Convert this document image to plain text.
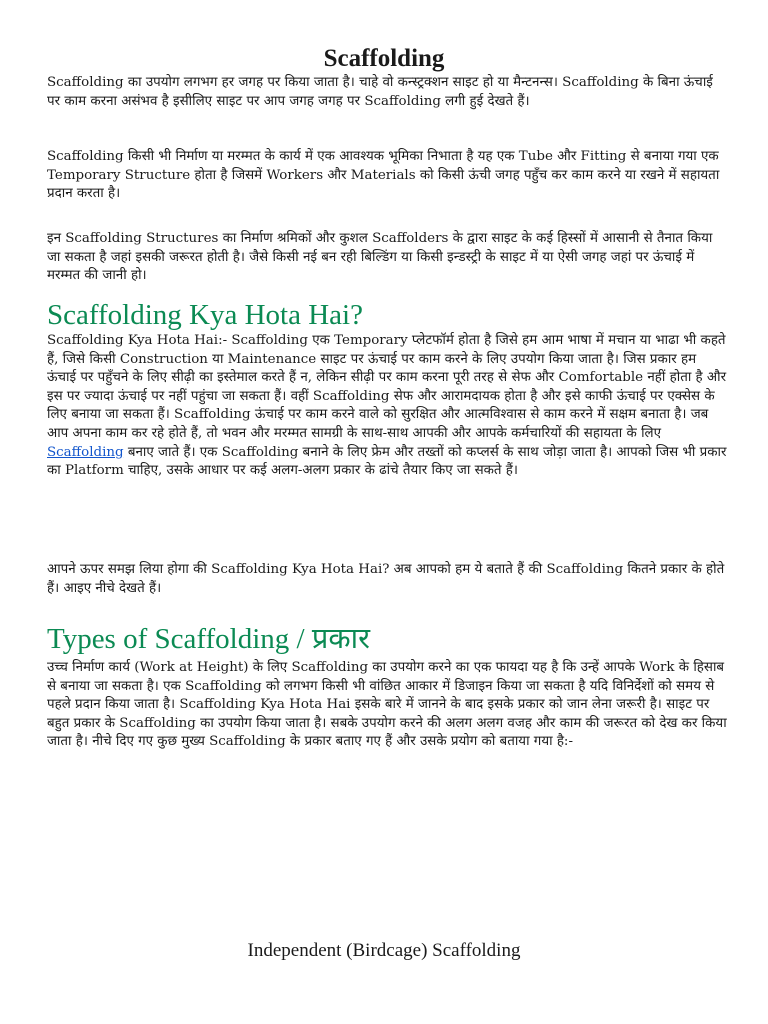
Scaffolding

Scaffolding का उपयोग लगभग हर जगह पर किया जाता है। चाहे वो कन्स्ट्रक्शन साइट हो या मैन्टनन्स। Scaffolding के बिना ऊंचाई पर काम करना असंभव है इसीलिए साइट पर आप जगह जगह पर Scaffolding लगी हुई देखते हैं।

Scaffolding किसी भी निर्माण या मरम्मत के कार्य में एक आवश्यक भूमिका निभाता है यह एक Tube और Fitting से बनाया गया एक Temporary Structure होता है जिसमें Workers और Materials को किसी ऊंची जगह पहुँच कर काम करने या रखने में सहायता प्रदान करता है।

इन Scaffolding Structures का निर्माण श्रमिकों और कुशल Scaffolders के द्वारा साइट के कई हिस्सों में आसानी से तैनात किया जा सकता है जहां इसकी जरूरत होती है। जैसे किसी नई बन रही बिल्डिंग या किसी इन्डस्ट्री के साइट में या ऐसी जगह जहां पर ऊंचाई में मरम्मत की जानी हो।

Scaffolding Kya Hota Hai?

Scaffolding Kya Hota Hai:- Scaffolding एक Temporary प्लेटफॉर्म होता है जिसे हम आम भाषा में मचान या भाढा भी कहते हैं, जिसे किसी Construction या Maintenance साइट पर ऊंचाई पर काम करने के लिए उपयोग किया जाता है। जिस प्रकार हम ऊंचाई पर पहुँचने के लिए सीढ़ी का इस्तेमाल करते हैं न, लेकिन सीढ़ी पर काम करना पूरी तरह से सेफ और Comfortable नहीं होता है और इस पर ज्यादा ऊंचाई पर नहीं पहुंचा जा सकता हैं। वहीं Scaffolding सेफ और आरामदायक होता है और इसे काफी ऊंचाई पर एक्सेस के लिए बनाया जा सकता हैं। Scaffolding ऊंचाई पर काम करने वाले को सुरक्षित और आत्मविश्वास से काम करने में सक्षम बनाता है। जब आप अपना काम कर रहे होते हैं, तो भवन और मरम्मत सामग्री के साथ-साथ आपकी और आपके कर्मचारियों की सहायता के लिए Scaffolding बनाए जाते हैं। एक Scaffolding बनाने के लिए फ्रेम और तख्तों को कप्लर्स के साथ जोड़ा जाता है। आपको जिस भी प्रकार का Platform चाहिए, उसके आधार पर कई अलग-अलग प्रकार के ढांचे तैयार किए जा सकते हैं।

आपने ऊपर समझ लिया होगा की Scaffolding Kya Hota Hai? अब आपको हम ये बताते हैं की Scaffolding कितने प्रकार के होते हैं। आइए नीचे देखते हैं।

Types of Scaffolding / प्रकार

उच्च निर्माण कार्य (Work at Height) के लिए Scaffolding का उपयोग करने का एक फायदा यह है कि उन्हें आपके Work के हिसाब से बनाया जा सकता है। एक Scaffolding को लगभग किसी भी वांछित आकार में डिजाइन किया जा सकता है यदि विनिर्देशों को समय से पहले प्रदान किया जाता है। Scaffolding Kya Hota Hai इसके बारे में जानने के बाद इसके प्रकार को जान लेना जरूरी है। साइट पर बहुत प्रकार के Scaffolding का उपयोग किया जाता है। सबके उपयोग करने की अलग अलग वजह और काम की जरूरत को देख कर किया जाता है। नीचे दिए गए कुछ मुख्य Scaffolding के प्रकार बताए गए हैं और उसके प्रयोग को बताया गया है:-

Independent (Birdcage) Scaffolding
